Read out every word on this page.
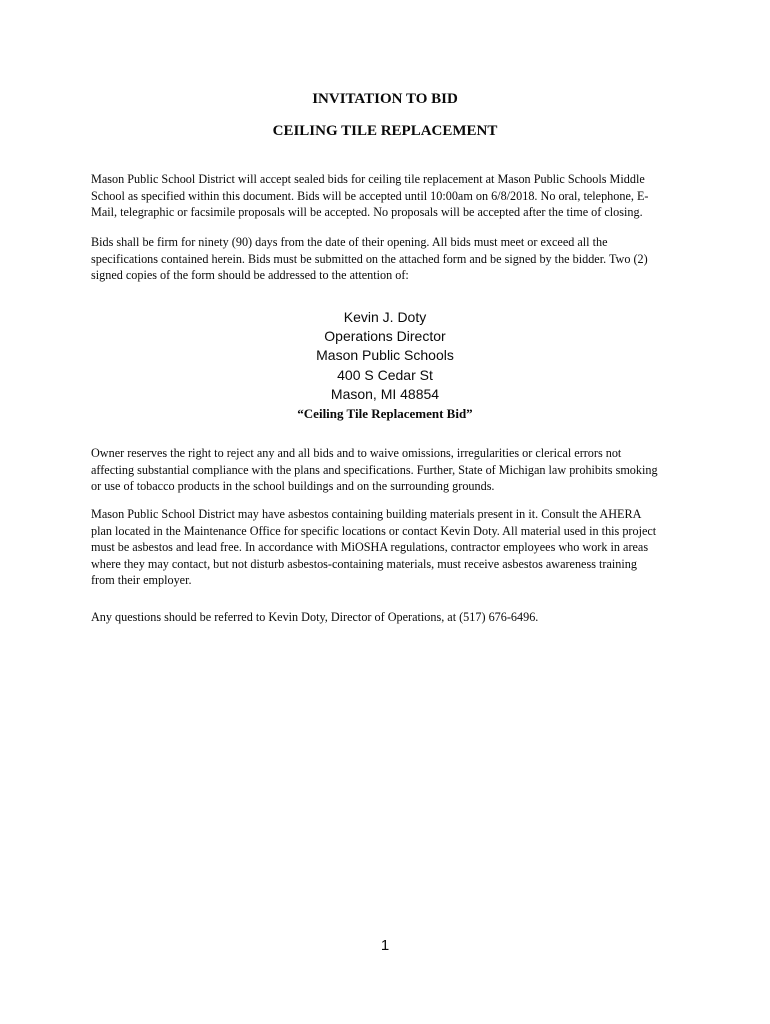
INVITATION TO BID
CEILING TILE REPLACEMENT

Mason Public School District will accept sealed bids for ceiling tile replacement at Mason Public Schools Middle
School as specified within this document. Bids will be accepted until 10:00am on 6/8/2018. No oral, telephone, E-
Mail, telegraphic or facsimile proposals will be accepted. No proposals will be accepted after the time of closing.

Bids shall be firm for ninety (90) days from the date of their opening. All bids must meet or exceed all the
specifications contained herein. Bids must be submitted on the attached form and be signed by the bidder. Two (2)
signed copies of the form should be addressed to the attention of:

Kevin J. Doty
Operations Director
Mason Public Schools
400 S Cedar St
Mason, MI 48854
“Ceiling Tile Replacement Bid”

Owner reserves the right to reject any and all bids and to waive omissions, irregularities or clerical errors not
affecting substantial compliance with the plans and specifications. Further, State of Michigan law prohibits smoking
or use of tobacco products in the school buildings and on the surrounding grounds.

Mason Public School District may have asbestos containing building materials present in it. Consult the AHERA
plan located in the Maintenance Office for specific locations or contact Kevin Doty. All material used in this project
must be asbestos and lead free. In accordance with MiOSHA regulations, contractor employees who work in areas
where they may contact, but not disturb asbestos-containing materials, must receive asbestos awareness training
from their employer.

Any questions should be referred to Kevin Doty, Director of Operations, at (517) 676-6496.

1
